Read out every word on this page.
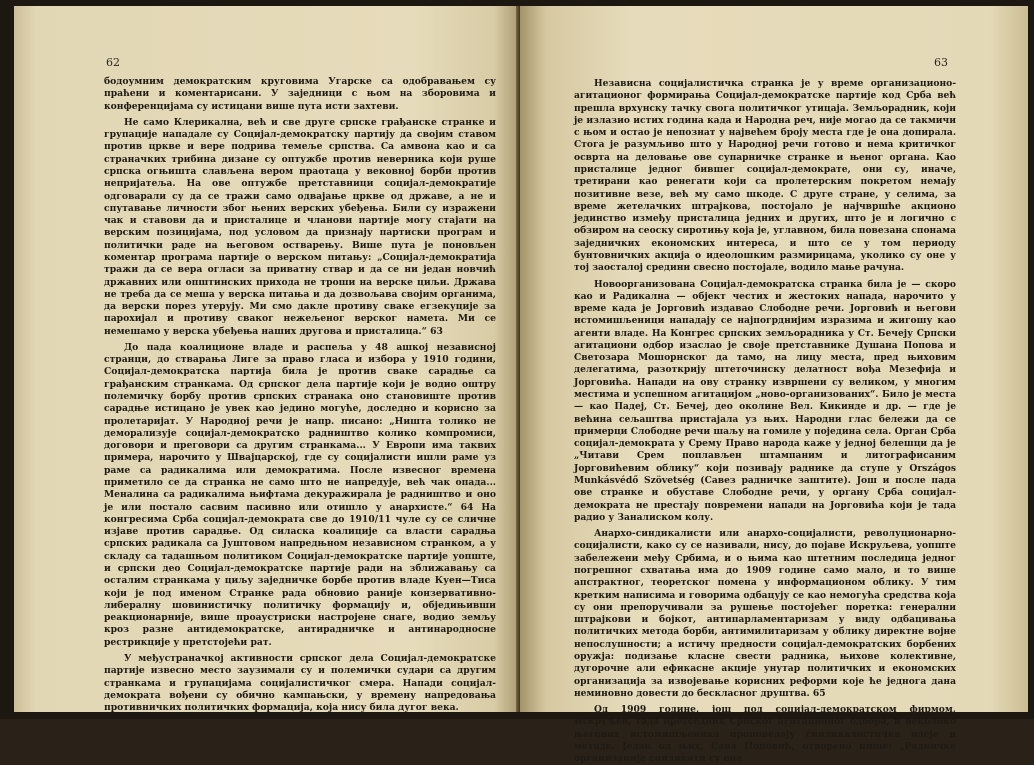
62

бодоумним демократским круговима Угарске са одобравањем су праћени и коментарисани. У заједници с њом на зборовима и конференцијама су истицани више пута исти захтеви.

Не само Клерикална, већ и све друге српске грађанске странке и групације нападале су Социјал-демократску партију да својим ставом против цркве и вере подрива темеље српства. Са амвона као и са страначких трибина дизане су оптужбе против неверника који руше српска огњишта слављена вером праотаца у вековној борби против непријатеља. На ове оптужбе претставници социјал-демократије одговарали су да се тражи само одвајање цркве од државе, а не и спутавање личности због њених верских убеђења. Били су изражени чак и ставови да и присталице и чланови партије могу стајати на верским позицијама, под условом да признају партиски програм и политички раде на његовом остварењу. Више пута је поновљен коментар програма партије о верском питању: „Социјал-демократија тражи да се вера огласи за приватну ствар и да се ни један новчић државних или општинских прихода не троши на верске циљи. Држава не треба да се меша у верска питања и да дозвољава својим органима, да верски порез утерују. Ми смо дакле противу сваке егзекуције за парохијал и противу сваког нежељеног верског намета. Ми се немешамо у верска убеђења наших другова и присталица.“ 63

До пада коалиционе владе и распеља у 48 ашкој независној странци, до стварања Лиге за право гласа и избора у 1910 години, Социјал-демократска партија била је против сваке сарадње са грађанским странкама. Од српског дела партије који је водио оштру полемичку борбу против српских странака оно становиште против сарадње истицано је увек као једино могуће, доследно и корисно за пролетаријат. У Народној речи је напр. писано: „Ништа толико не деморализује социјал-демократско радништво колико компромиси, договори и преговори са другим странкама... У Европи има таквих примера, нарочито у Швајцарској, где су социјалисти ишли раме уз раме са радикалима или демократима. После извесног времена приметило се да странка не само што не напредује, већ чак опада... Меналина са радикалима њифтама декуражирала је радништво и оно је или постало сасвим пасивно или отишло у анархисте.“ 64 На конгресима Срба социјал-демократа све до 1910/11 чуле су се сличне изјаве против сарадње. Од силаска коалиције са власти сарадња српских радикала са Јуштовом напредњном независном странком, а у складу са тадашњом политиком Социјал-демократске партије уопште, и српски део Социјал-демократске партије ради на зближавању са осталим странкама у циљу заједничке борбе против владе Куен—Тиса који је под именом Странке рада обновио раније конзервативно-либералну шовинистичку политичку формацију и, обједињивши реакционарније, више проаустриски настројене снаге, водио земљу кроз разне антидемократске, антирадничке и антинародносне рестрикције у претстојећи рат.

У међустраначкој активности српског дела Социјал-демократске партије извесно место заузимали су и полемички судари са другим странкама и групацијама социјалистичког смера. Напади социјал-демократа вођени су обично кампањски, у времену напредовања противничких политичких формација, која нису била дугог века.

63

Независна социјалистичка странка је у време организационо-агитационог формирања Социјал-демократске партије код Срба већ прешла врхунску тачку свога политичког утицаја. Земљорадник, који је излазио истих година када и Народна реч, није могао да се такмичи с њом и остао је непознат у највећем броју места где је она допирала. Стога је разумљиво што у Народној речи готово и нема критичког осврта на деловање ове супарничке странке и њеног органа. Као присталице једног бившег социјал-демократе, они су, иначе, третирани као ренегати који са пролетерским покретом немају позитивне везе, већ му само шкоде. С друге стране, у селима, за време жетелачких штрајкова, постојало је најчвршће акционо јединство између присталица једних и других, што је и логично с обзиром на сеоску сиротињу која је, углавном, била повезана спонама заједничких економских интереса, и што се у том периоду бунтовничких акција о идеолошким размирицама, уколико су оне у тој заосталој средини свесно постојале, водило мање рачуна.

Новоорганизована Социјал-демократска странка била је — скоро као и Радикална — објект честих и жестоких напада, нарочито у време када је Јорговић издавао Слободне речи. Јорговић и његови истомишљеници нападају се најпогрднијим изразима и жигошу као агенти владе. На Конгрес српских земљорадника у Ст. Бечеју Српски агитациони одбор изаслао је своје претставнике Душана Попова и Светозара Мошорнског да тамо, на лицу места, пред њиховим делегатима, разоткрију штеточинску делатност вођа Мезефија и Јорговића. Напади на ову странку извршени су великом, у многим местима и успешном агитацијом „ново-организованих“. Било је места — као Падеј, Ст. Бечеј, део околине Вел. Кикинде и др. — где је већина сељаштва пристајала уз њих. Народни глас бележи да се примерци Слободне речи шаљу на гомиле у поједина села. Орган Срба социјал-демократа у Срему Право народа каже у једној белешци да је „Читави Срем поплављен штампаним и литографисаним Јорговићевим облику“ који позивају раднике да ступе у Országos Munkásvédő Szövetség (Савез радничке заштите). Још и после пада ове странке и обуставе Слободне речи, у органу Срба социјал-демократа не престају повремени напади на Јорговића који је тада радио у Заналиском колу.

Анархо-синдикалисти или анархо-социјалисти, револуционарно-социјалисти, како су се називали, нису, до појаве Искруљева, уопште забележени међу Србима, и о њима као штетним последица једног погрешног схватања има до 1909 године само мало, и то више апстрактног, теоретског помена у информационом облику. У тим кретким написима и говорима одбацују се као немогућа средства која су они препоручивали за рушење постојећег поретка: генерални штрајкови и бојкот, антипарламентаризам у виду одбацивања политичких метода борби, антимилитаризам у облику директне војне непослушности; а истичу предности социјал-демократских борбених оружја: подизање класне свести радника, њихове колективне, дугорочне али ефикасне акције унутар политичких и економских организација за извојевање корисних реформи које ће једнога дана неминовно довести до бескласног друштва. 65

Од 1909 године, још под социјал-демократском фирмом, Искруљев, тада претседник Српског агитационог одбора, и неколико његових истомишљеника проповедају синдикалистичке идеје и методе. Један од њих, Сава Поповић, отворено пише: „Радничке организације синдикати су она
